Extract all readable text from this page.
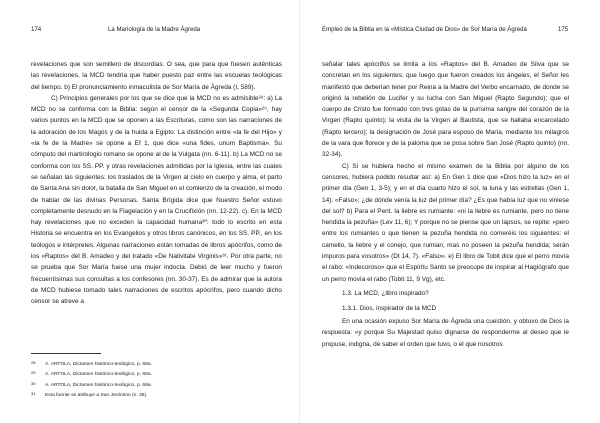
174	La Mariología de la Madre Ágreda

revelaciones que son semillero de discordias. O sea, que para que fuesen auténticas las revelaciones, la MCD tendría que haber puesto paz entre las escuelas teológicas del tiempo. b) El pronunciamiento inmaculista de Sor María de Ágreda (I, 589).

C) Principios generales por los que se dice que la MCD no es admisible²⁸: a) La MCD no se conforma con la Biblia: según el censor de la «Segunda Copia»²⁹, hay varios puntos en la MCD que se oponen a las Escrituras, como son las narraciones de la adoración de los Magos y de la huida a Egipto. La distinción entre «la fe del Hijo» y «la fe de la Madre» se opone a Ef 1, que dice «una fides, unum Baptisma». Su cómputo del martirologio romano se opone al de la Vulgata (nn. 6-11). b) La MCD no se conforma con los SS. PP. y otras revelaciones admitidas por la Iglesia, entre las cuales se señalan las siguientes: los traslados de la Virgen al cielo en cuerpo y alma, el parto de Santa Ana sin dolor, la batalla de San Miguel en el comienzo de la creación, el modo de hablar de las divinas Personas. Santa Brígida dice que Nuestro Señor estuvo completamente desnudo en la Flagelación y en la Crucifixión (nn. 12-22). c). En la MCD hay revelaciones que no exceden la capacidad humana³⁰: todo lo escrito en esta Historia se encuentra en los Evangelios y otros libros canónicos, en los SS. PP., en los teólogos e intérpretes. Algunas narraciones están tomadas de libros apócrifos, como de los «Raptos» del B. Amadeo y del tratado «De Nativitate Virginis»³¹. Por otra parte, no se prueba que Sor María fuese una mujer indocta. Debió de leer mucho y fueron frecuentísimas sus consultas a los confesores (nn. 30-37). Es de admirar que la autora de MCD hubiese tomado tales narraciones de escritos apócrifos, pero cuando dicho censor se atreve a

28 A. ARTOLA, Dictamen histórico-teológico, p. 68a.
29 A. ARTOLA, Dictamen histórico-teológico, p. 68a.
30 A. ARTOLA, Dictamen histórico-teológico, p. 69a.
31 Esta fuente se atribuye a San Jerónimo (n. 35).
Empleo de la Biblia en la «Mística Ciudad de Dios» de Sor María de Ágreda	175

señalar tales apócrifos se limita a los «Raptos» del B. Amadeo de Silva que se concretan en los siguientes: que luego que fueron creados los ángeles, el Señor les manifestó que deberían tener por Reina a la Madre del Verbo encarnado, de donde se originó la rebelión de Lucifer y su lucha con San Miguel (Rapto Segundo); que el cuerpo de Cristo fue formado con tres gotas de la purísima sangre del corazón de la Virgen (Rapto quinto); la visita de la Virgen al Bautista, que se hallaba encarcelado (Rapto tercero); la designación de José para esposo de María, mediante los milagros de la vara que florece y de la paloma que se posa sobre San José (Rapto quinto) (nn. 32-34).

C) Si se hubiera hecho el mismo examen de la Biblia por alguno de los censores, hubiera podido resultar así: a) En Gen 1 dice que «Dios hizo la luz» en el primer día (Gen 1, 3-5); y en el día cuarto hizo el sol, la luna y las estrellas (Gen 1, 14): «Falso»; ¿de dónde venía la luz del primer día? ¿Es que había luz que no viniese del sol? b) Para el Pent. la liebre es rumiante: «ni la liebre es rumiante, pero no tiene hendida la pezuña» (Lev 11, 6); Y porque no se piense que un lapsus, se repite: «pero entre los rumiantes o que tienen la pezuña hendida no comeréis los siguientes: el camello, la liebre y el conejo, que rumian, mas no poseen la pezuña hendida; serán impuros para vosotros» (Dt 14, 7). «Falso». e) El libro de Tobit dice que el perro movía el rabo: «Indecoroso» que el Espíritu Santo se preocupe de inspirar al Hagiógrafo que un perro movía el rabo (Tobit 11, 9 Vg), etc.

1.3. La MCD, ¿libro inspirado?
1.3.1. Dios, inspirador de la MCD

En una ocasión expuso Sor María de Ágreda una cuestión, y obtuvo de Dios la respuesta: «y porque Su Majestad quiso dignarse de responderme al deseo que le propuse, indigna, de saber el orden que tuvo, o el que nosotros
